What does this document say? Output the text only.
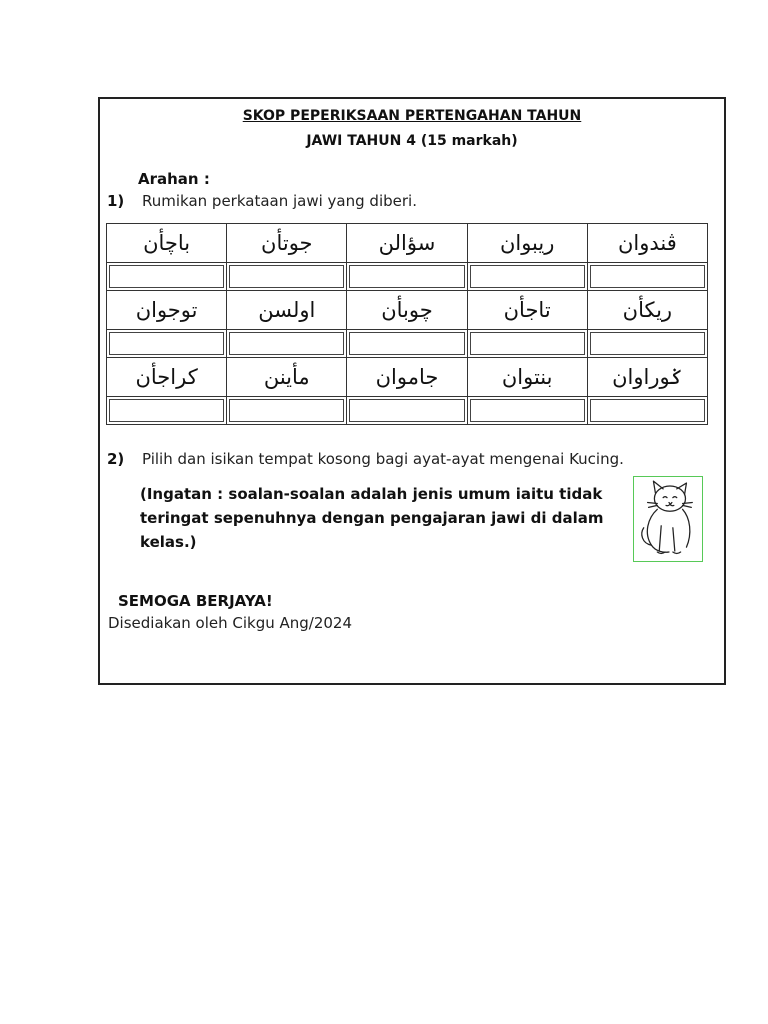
SKOP PEPERIKSAAN PERTENGAHAN TAHUN
JAWI TAHUN 4 (15 markah)
Arahan :
1) Rumikan perkataan jawi yang diberi.
باچأن	جوتأن	سؤالن	ريبوان	ڤندوان

توجوان	اولسن	چوبأن	تاجأن	ريكأن

كراجأن	مأينن	جاموان	بنتوان	ݢوراوان

2) Pilih dan isikan tempat kosong bagi ayat-ayat mengenai Kucing.
(Ingatan : soalan-soalan adalah jenis umum iaitu tidak teringat sepenuhnya dengan pengajaran jawi di dalam kelas.)
SEMOGA BERJAYA!
Disediakan oleh Cikgu Ang/2024
